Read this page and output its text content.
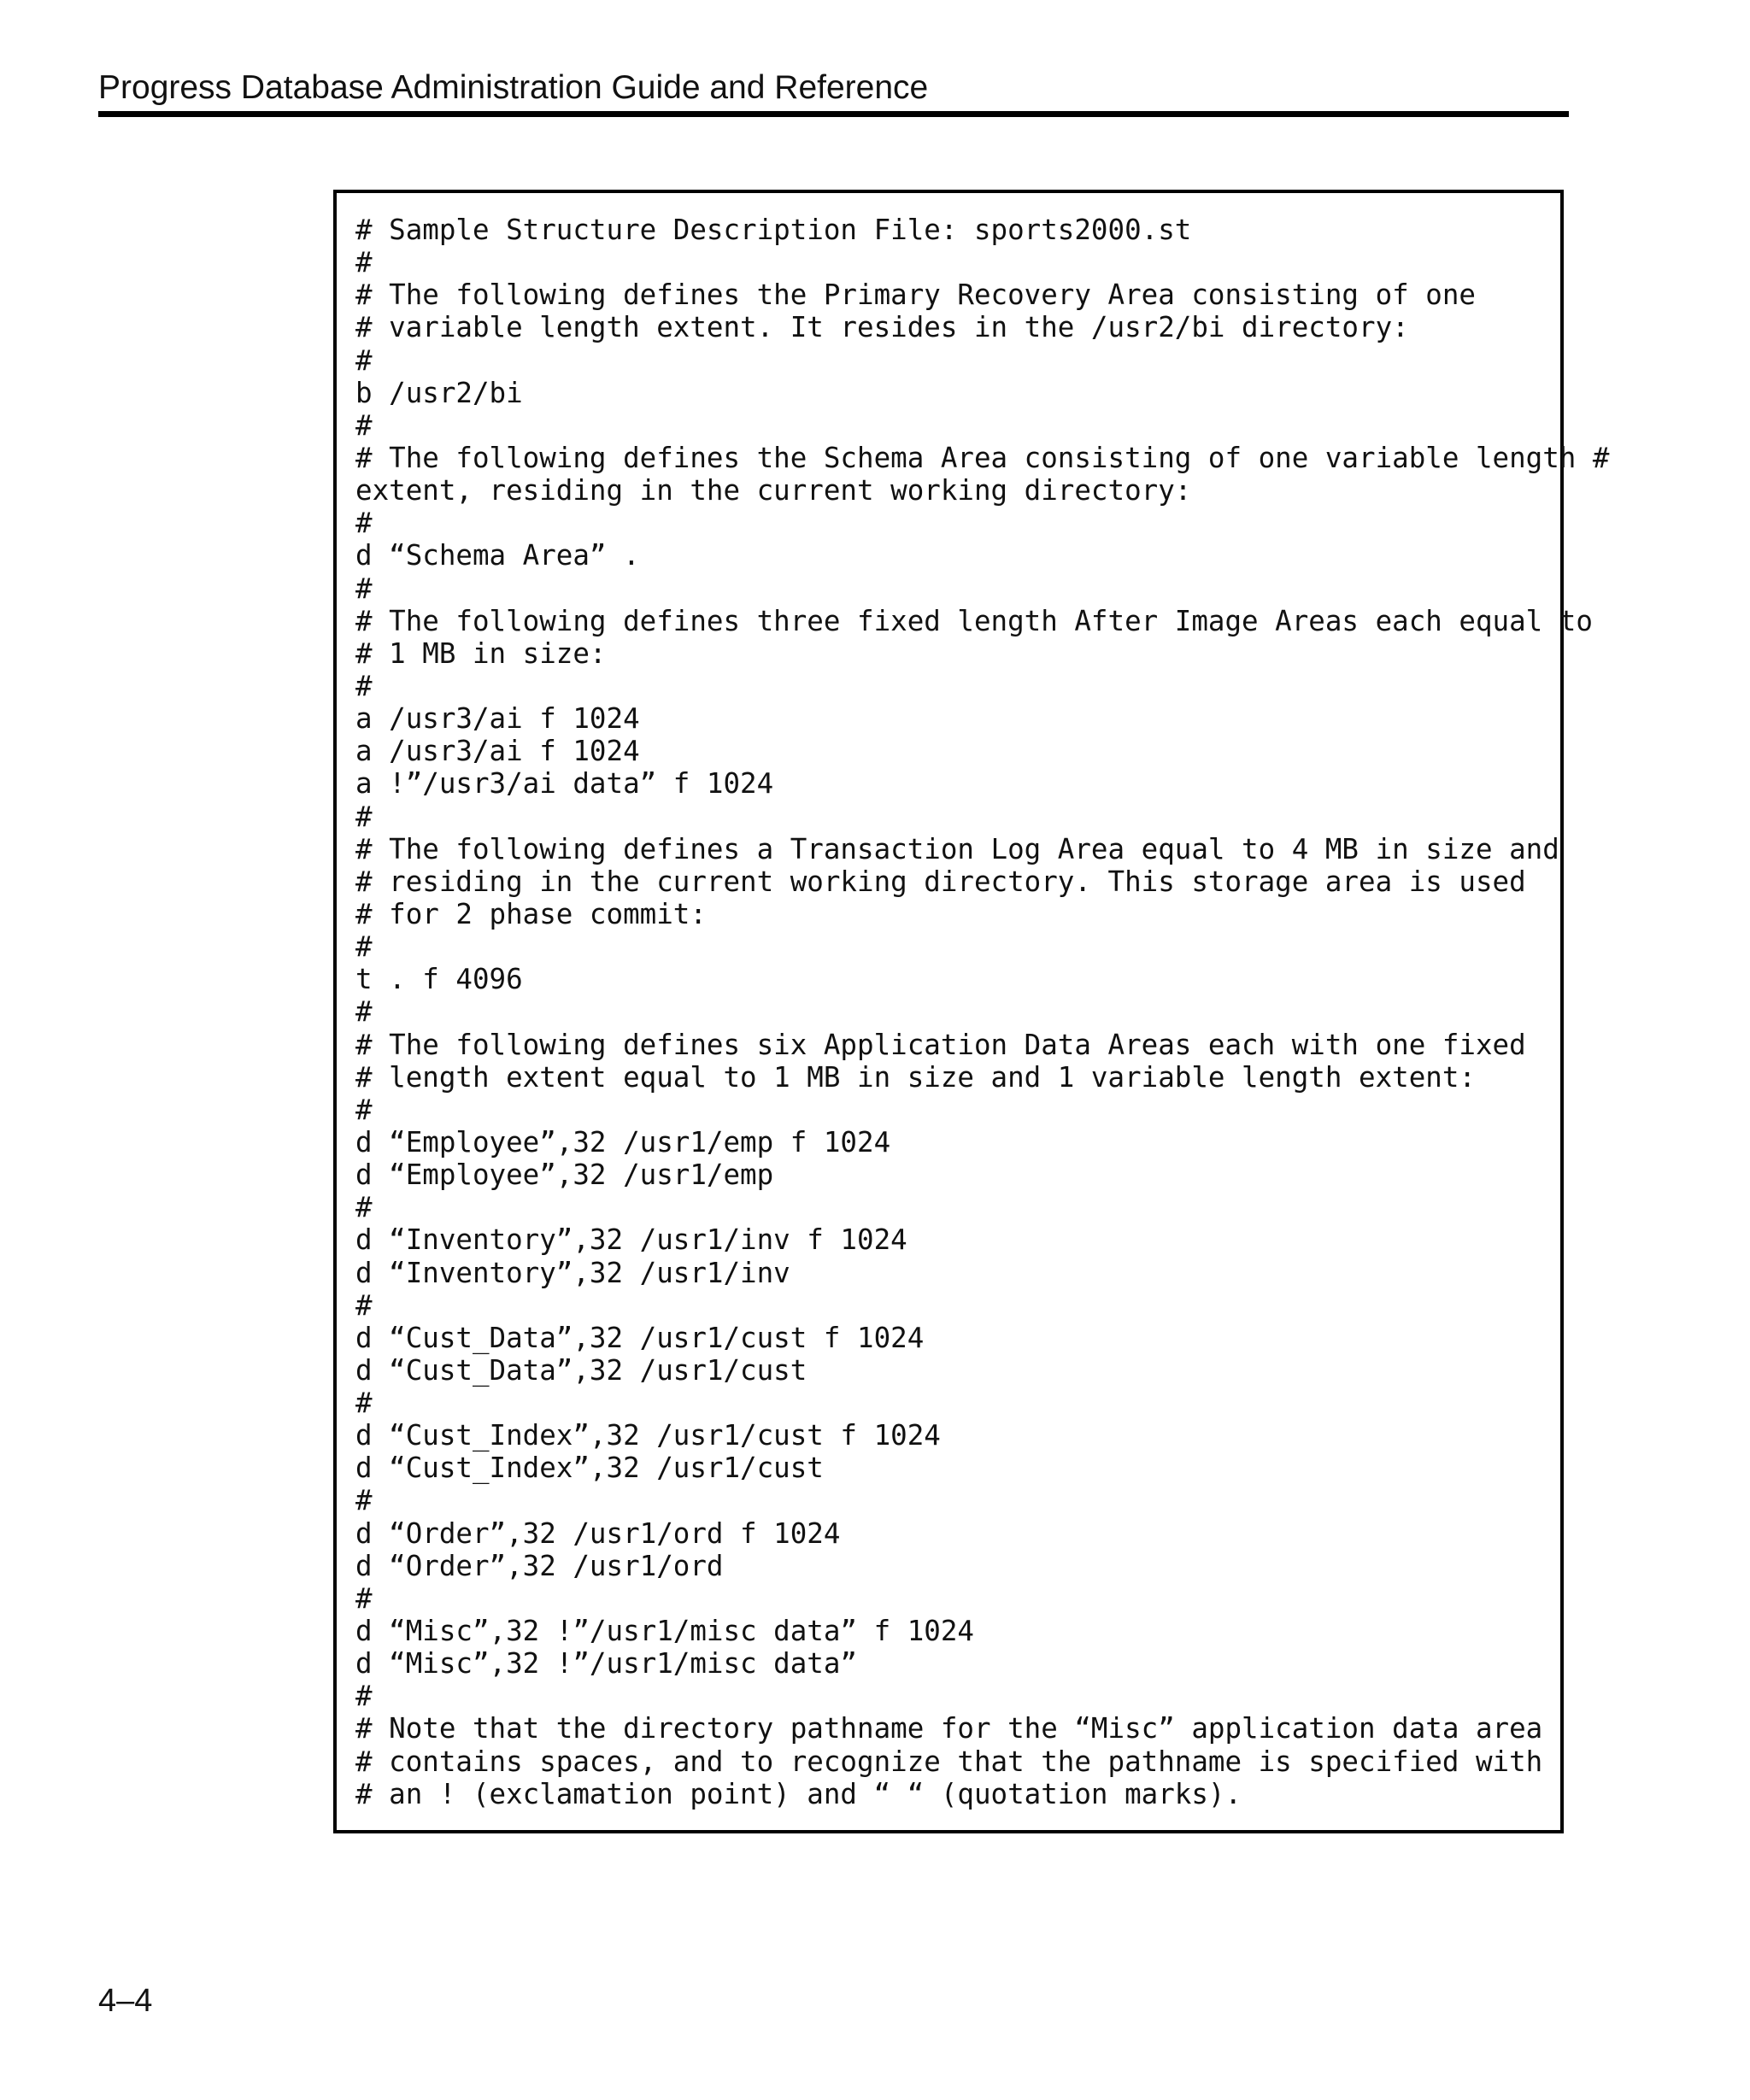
Progress Database Administration Guide and Reference
# Sample Structure Description File: sports2000.st
#
# The following defines the Primary Recovery Area consisting of one
# variable length extent. It resides in the /usr2/bi directory:
#
b /usr2/bi
#
# The following defines the Schema Area consisting of one variable length #
extent, residing in the current working directory:
#
d “Schema Area” .
#
# The following defines three fixed length After Image Areas each equal to
# 1 MB in size:
#
a /usr3/ai f 1024
a /usr3/ai f 1024
a !”/usr3/ai data” f 1024
#
# The following defines a Transaction Log Area equal to 4 MB in size and
# residing in the current working directory. This storage area is used
# for 2 phase commit:
#
t . f 4096
#
# The following defines six Application Data Areas each with one fixed
# length extent equal to 1 MB in size and 1 variable length extent:
#
d “Employee”,32 /usr1/emp f 1024
d “Employee”,32 /usr1/emp
#
d “Inventory”,32 /usr1/inv f 1024
d “Inventory”,32 /usr1/inv
#
d “Cust_Data”,32 /usr1/cust f 1024
d “Cust_Data”,32 /usr1/cust
#
d “Cust_Index”,32 /usr1/cust f 1024
d “Cust_Index”,32 /usr1/cust
#
d “Order”,32 /usr1/ord f 1024
d “Order”,32 /usr1/ord
#
d “Misc”,32 !”/usr1/misc data” f 1024
d “Misc”,32 !”/usr1/misc data”
#
# Note that the directory pathname for the “Misc” application data area
# contains spaces, and to recognize that the pathname is specified with
# an ! (exclamation point) and “ “ (quotation marks).
4–4
